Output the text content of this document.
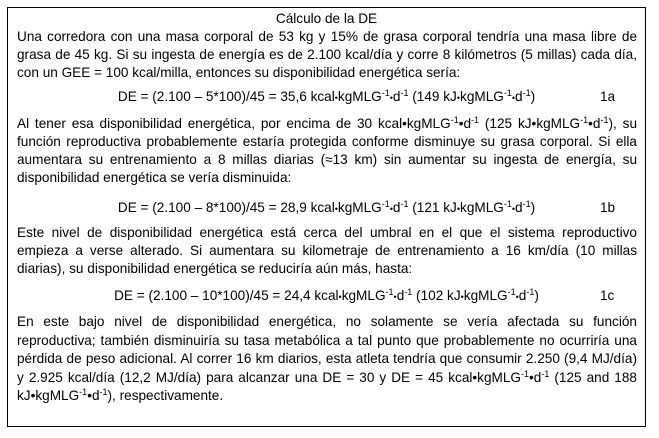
Cálculo de la DE
Una corredora con una masa corporal de 53 kg y 15% de grasa corporal tendría una masa libre de grasa de 45 kg. Si su ingesta de energía es de 2.100 kcal/día y corre 8 kilómetros (5 millas) cada día, con un GEE = 100 kcal/milla, entonces su disponibilidad energética sería:
DE = (2.100 – 5*100)/45 = 35,6 $kcal•kgMLG^{-1}•d^{-1}$ (149 $kJ•kgMLG^{-1}•d^{-1}$)	1a
Al tener esa disponibilidad energética, por encima de 30 $kcal•kgMLG^{-1}•d^{-1}$ (125 $kJ•kgMLG^{-1}•d^{-1}$), su función reproductiva probablemente estaría protegida conforme disminuye su grasa corporal. Si ella aumentara su entrenamiento a 8 millas diarias (≈13 km) sin aumentar su ingesta de energía, su disponibilidad energética se vería disminuida:
DE = (2.100 – 8*100)/45 = 28,9 $kcal•kgMLG^{-1}•d^{-1}$ (121 $kJ•kgMLG^{-1}•d^{-1}$)	1b
Este nivel de disponibilidad energética está cerca del umbral en el que el sistema reproductivo empieza a verse alterado. Si aumentara su kilometraje de entrenamiento a 16 km/día (10 millas diarias), su disponibilidad energética se reduciría aún más, hasta:
DE = (2.100 – 10*100)/45 = 24,4 $kcal•kgMLG^{-1}•d^{-1}$ (102 $kJ•kgMLG^{-1}•d^{-1}$)	1c
En este bajo nivel de disponibilidad energética, no solamente se vería afectada su función reproductiva; también disminuiría su tasa metabólica a tal punto que probablemente no ocurriría una pérdida de peso adicional. Al correr 16 km diarios, esta atleta tendría que consumir 2.250 (9,4 MJ/día) y 2.925 kcal/día (12,2 MJ/día) para alcanzar una DE = 30 y DE = 45 $kcal•kgMLG^{-1}•d^{-1}$ (125 and 188 $kJ•kgMLG^{-1}•d^{-1}$), respectivamente.
